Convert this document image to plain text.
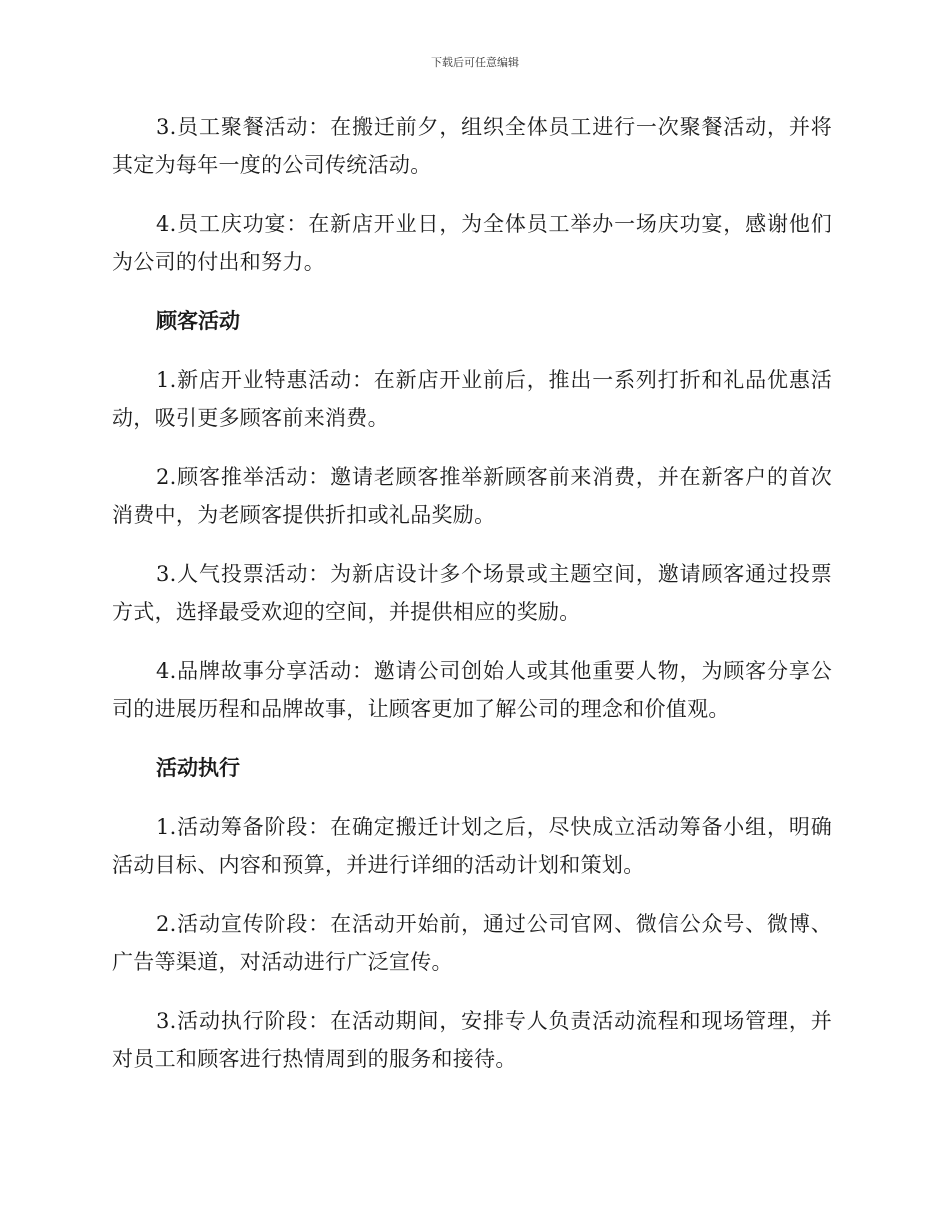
下载后可任意编辑

3.员工聚餐活动：在搬迁前夕，组织全体员工进行一次聚餐活动，并将其定为每年一度的公司传统活动。

4.员工庆功宴：在新店开业日，为全体员工举办一场庆功宴，感谢他们为公司的付出和努力。

顾客活动

1.新店开业特惠活动：在新店开业前后，推出一系列打折和礼品优惠活动，吸引更多顾客前来消费。

2.顾客推举活动：邀请老顾客推举新顾客前来消费，并在新客户的首次消费中，为老顾客提供折扣或礼品奖励。

3.人气投票活动：为新店设计多个场景或主题空间，邀请顾客通过投票方式，选择最受欢迎的空间，并提供相应的奖励。

4.品牌故事分享活动：邀请公司创始人或其他重要人物，为顾客分享公司的进展历程和品牌故事，让顾客更加了解公司的理念和价值观。

活动执行

1.活动筹备阶段：在确定搬迁计划之后，尽快成立活动筹备小组，明确活动目标、内容和预算，并进行详细的活动计划和策划。

2.活动宣传阶段：在活动开始前，通过公司官网、微信公众号、微博、广告等渠道，对活动进行广泛宣传。

3.活动执行阶段：在活动期间，安排专人负责活动流程和现场管理，并对员工和顾客进行热情周到的服务和接待。
